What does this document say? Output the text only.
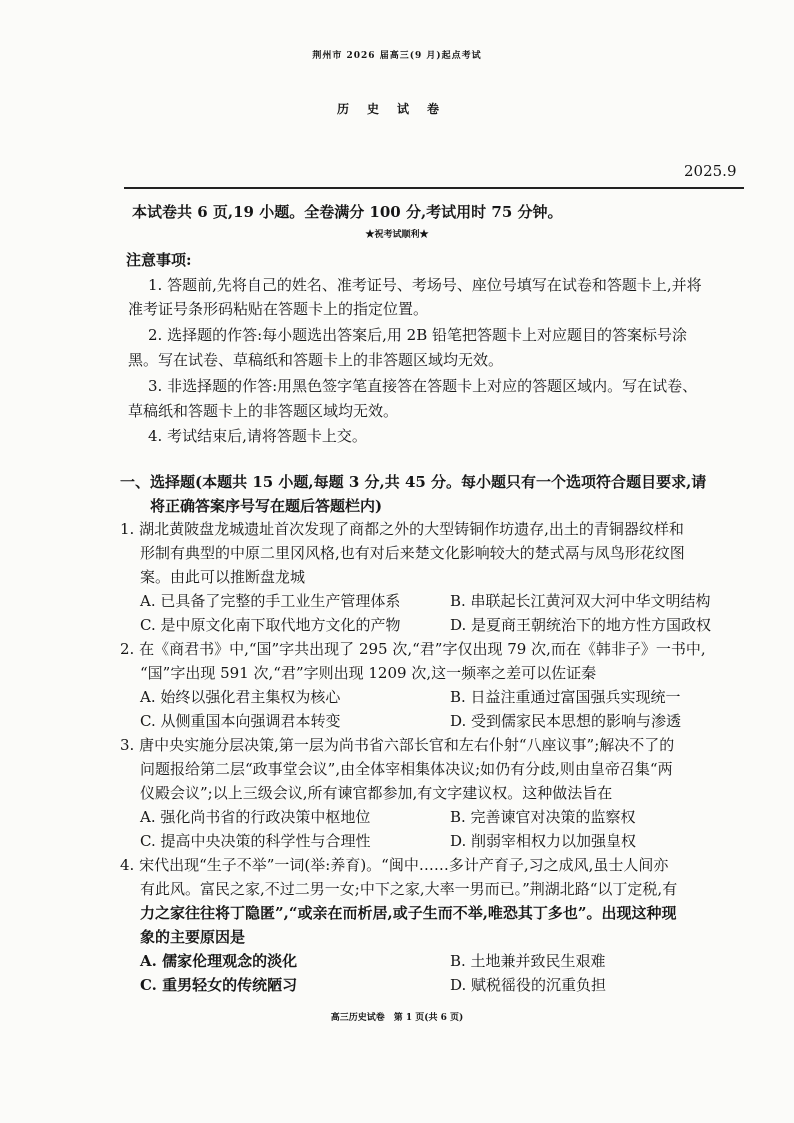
荆州市 2026 届高三(9 月)起点考试
历史试卷
2025.9
本试卷共 6 页,19 小题。全卷满分 100 分,考试用时 75 分钟。
★祝考试顺利★
注意事项:
1. 答题前,先将自己的姓名、准考证号、考场号、座位号填写在试卷和答题卡上,并将
准考证号条形码粘贴在答题卡上的指定位置。
2. 选择题的作答:每小题选出答案后,用 2B 铅笔把答题卡上对应题目的答案标号涂
黑。写在试卷、草稿纸和答题卡上的非答题区域均无效。
3. 非选择题的作答:用黑色签字笔直接答在答题卡上对应的答题区域内。写在试卷、
草稿纸和答题卡上的非答题区域均无效。
4. 考试结束后,请将答题卡上交。
一、选择题(本题共 15 小题,每题 3 分,共 45 分。每小题只有一个选项符合题目要求,请
将正确答案序号写在题后答题栏内)
1. 湖北黄陂盘龙城遗址首次发现了商都之外的大型铸铜作坊遗存,出土的青铜器纹样和
形制有典型的中原二里冈风格,也有对后来楚文化影响较大的楚式鬲与凤鸟形花纹图
案。由此可以推断盘龙城
A. 已具备了完整的手工业生产管理体系	B. 串联起长江黄河双大河中华文明结构
C. 是中原文化南下取代地方文化的产物	D. 是夏商王朝统治下的地方性方国政权
2. 在《商君书》中,“国”字共出现了 295 次,“君”字仅出现 79 次,而在《韩非子》一书中,
“国”字出现 591 次,“君”字则出现 1209 次,这一频率之差可以佐证秦
A. 始终以强化君主集权为核心	B. 日益注重通过富国强兵实现统一
C. 从侧重国本向强调君本转变	D. 受到儒家民本思想的影响与渗透
3. 唐中央实施分层决策,第一层为尚书省六部长官和左右仆射“八座议事”;解决不了的
问题报给第二层“政事堂会议”,由全体宰相集体决议;如仍有分歧,则由皇帝召集“两
仪殿会议”;以上三级会议,所有谏官都参加,有文字建议权。这种做法旨在
A. 强化尚书省的行政决策中枢地位	B. 完善谏官对决策的监察权
C. 提高中央决策的科学性与合理性	D. 削弱宰相权力以加强皇权
4. 宋代出现“生子不举”一词(举:养育)。“闽中……多计产育子,习之成风,虽士人间亦
有此风。富民之家,不过二男一女;中下之家,大率一男而已。”荆湖北路“以丁定税,有
力之家往往将丁隐匿”,“或亲在而析居,或子生而不举,唯恐其丁多也”。出现这种现
象的主要原因是
A. 儒家伦理观念的淡化	B. 土地兼并致民生艰难
C. 重男轻女的传统陋习	D. 赋税徭役的沉重负担
高三历史试卷　第 1 页(共 6 页)
